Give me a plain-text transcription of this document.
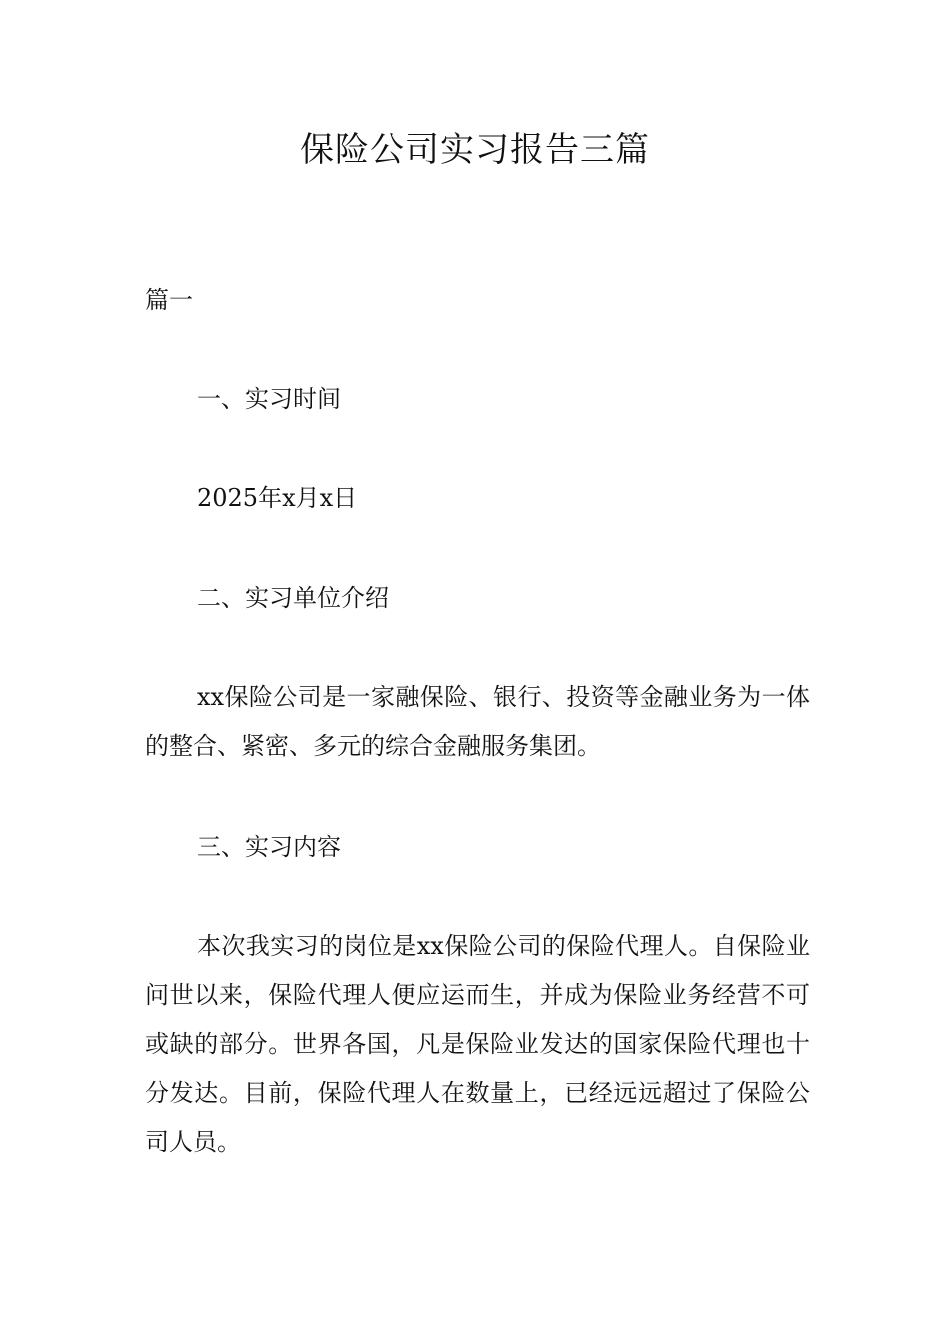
保险公司实习报告三篇

篇一

一、实习时间

2025年x月x日

二、实习单位介绍

xx保险公司是一家融保险、银行、投资等金融业务为一体的整合、紧密、多元的综合金融服务集团。

三、实习内容

本次我实习的岗位是xx保险公司的保险代理人。自保险业问世以来，保险代理人便应运而生，并成为保险业务经营不可或缺的部分。世界各国，凡是保险业发达的国家保险代理也十分发达。目前，保险代理人在数量上，已经远远超过了保险公司人员。
